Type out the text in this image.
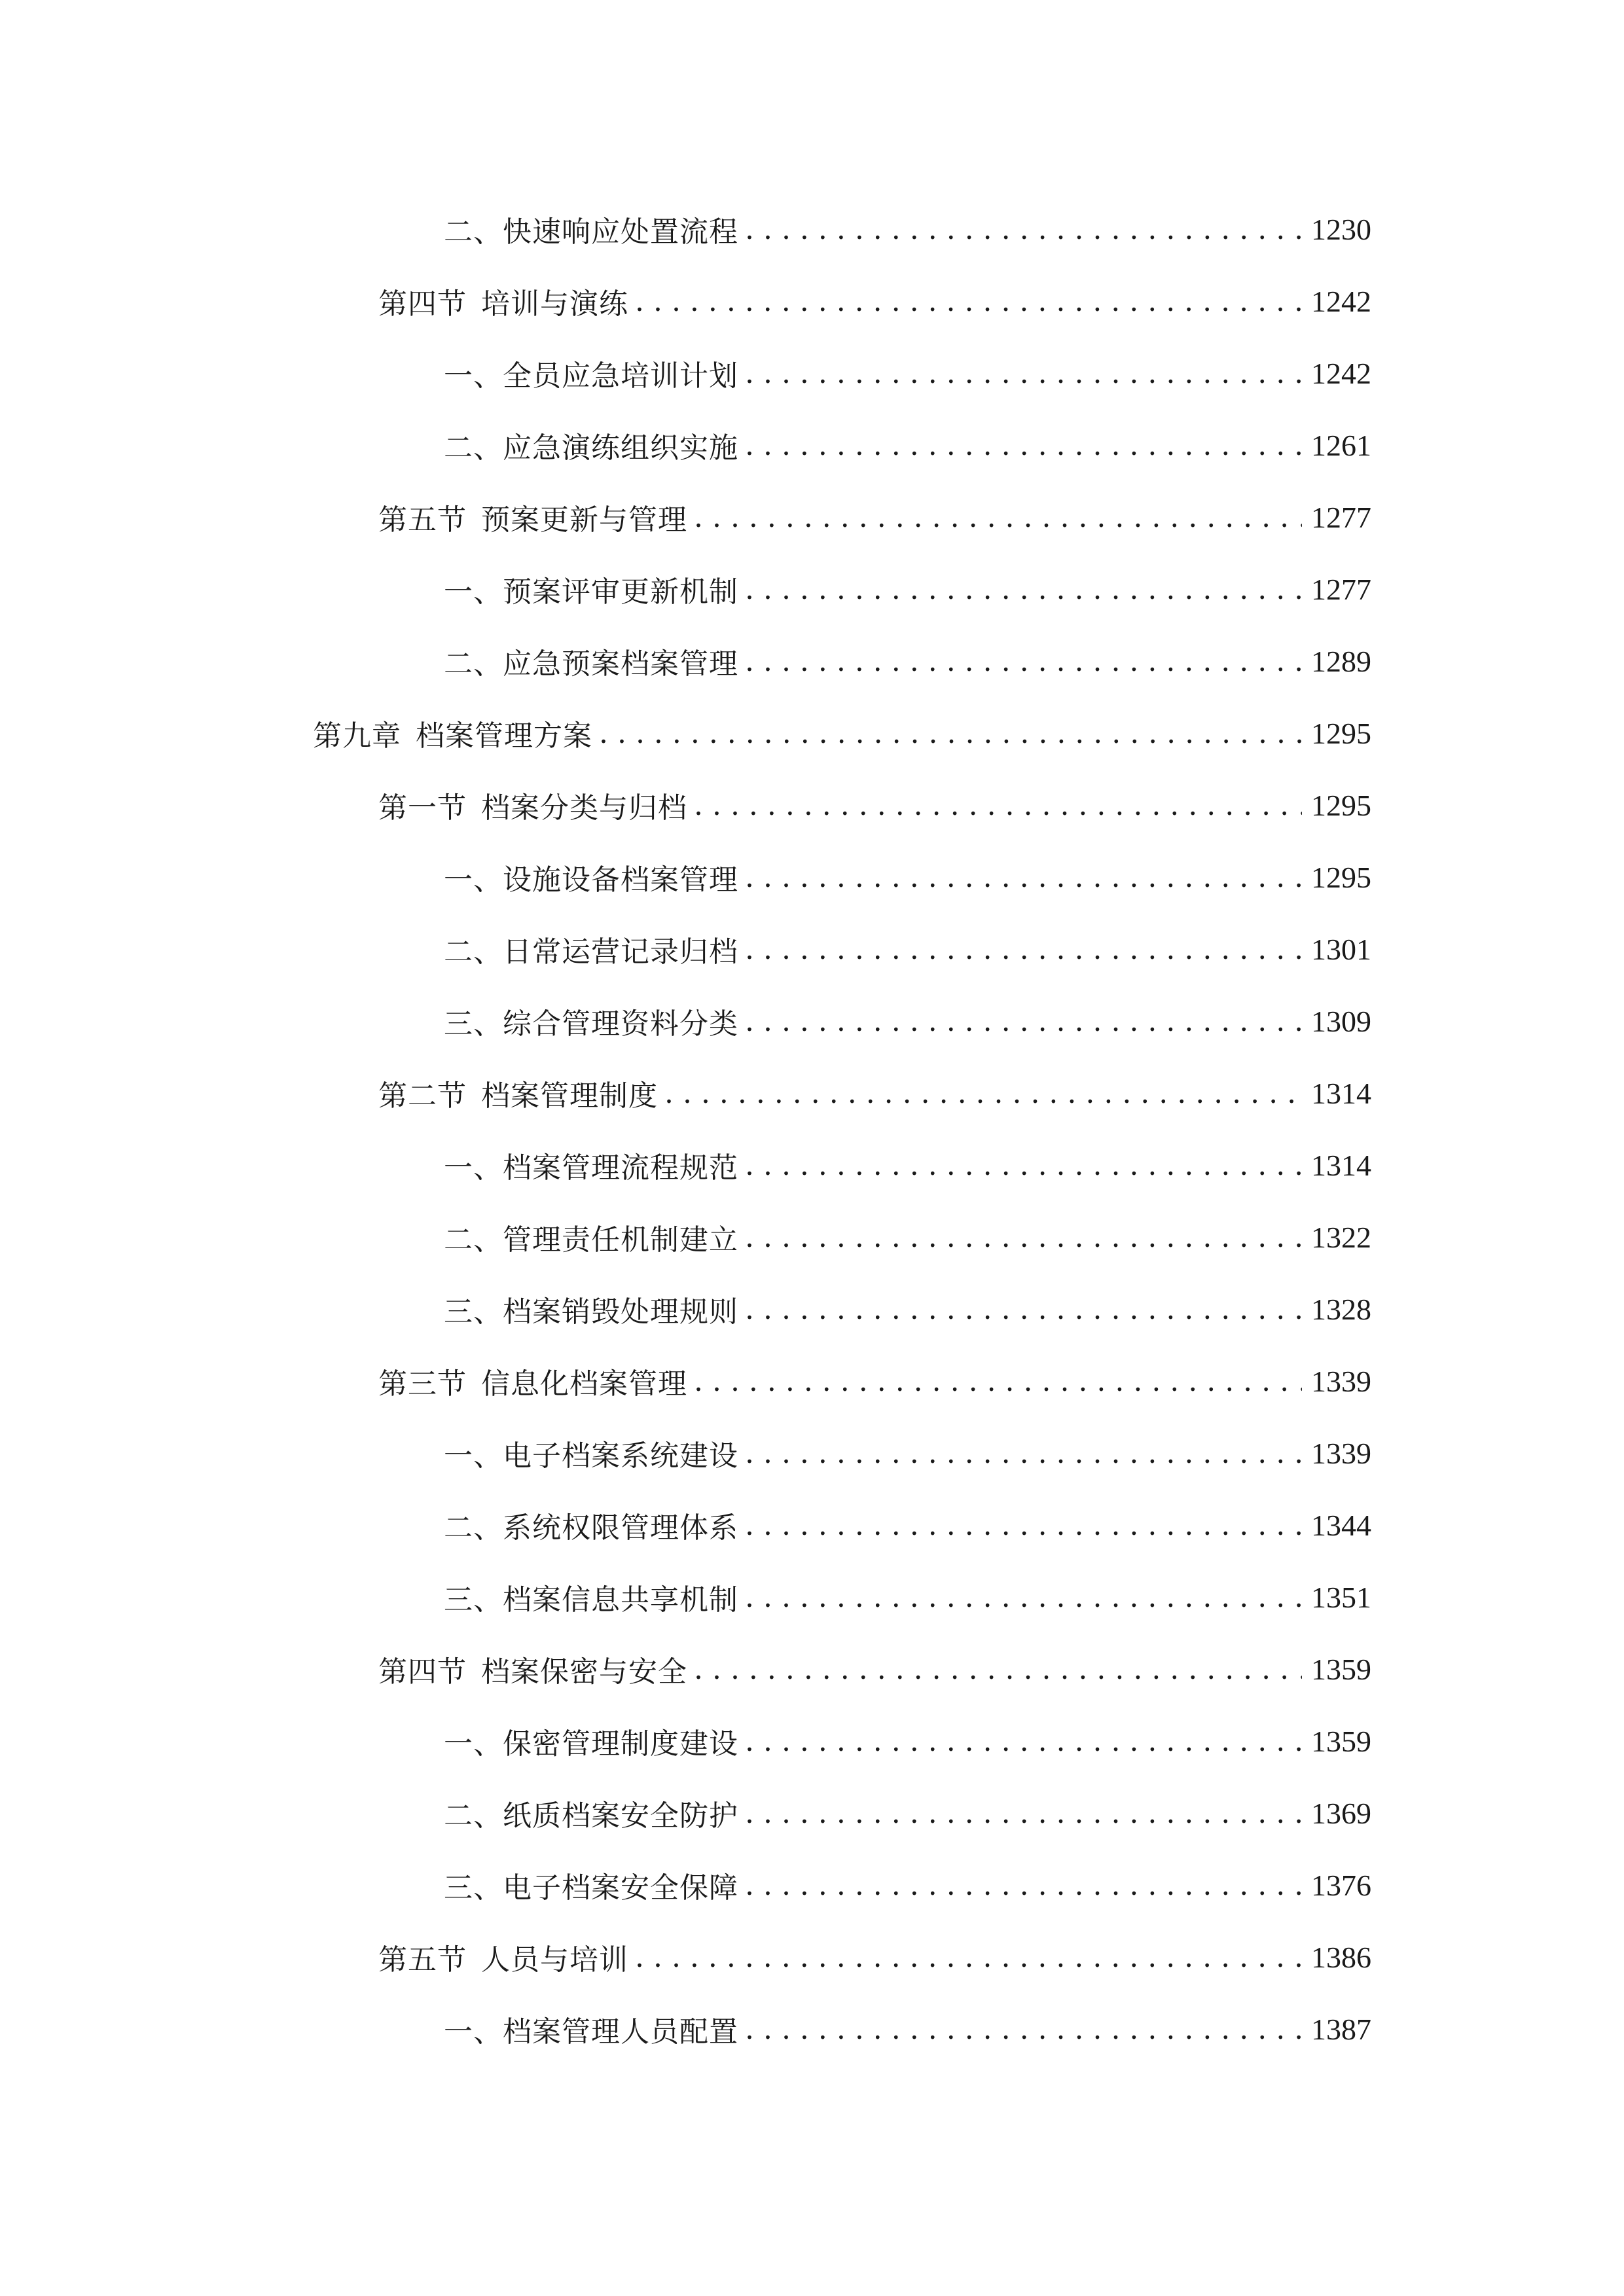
二、 快速响应处置流程 . . .	1230
第四节 培训与演练 . . .	1242
一、 全员应急培训计划 . . .	1242
二、 应急演练组织实施 . . .	1261
第五节 预案更新与管理 . . .	1277
一、 预案评审更新机制 . . .	1277
二、 应急预案档案管理 . . .	1289
第九章 档案管理方案 . . .	1295
第一节 档案分类与归档 . . .	1295
一、 设施设备档案管理 . . .	1295
二、 日常运营记录归档 . . .	1301
三、 综合管理资料分类 . . .	1309
第二节 档案管理制度 . . .	1314
一、 档案管理流程规范 . . .	1314
二、 管理责任机制建立 . . .	1322
三、 档案销毁处理规则 . . .	1328
第三节 信息化档案管理 . . .	1339
一、 电子档案系统建设 . . .	1339
二、 系统权限管理体系 . . .	1344
三、 档案信息共享机制 . . .	1351
第四节 档案保密与安全 . . .	1359
一、 保密管理制度建设 . . .	1359
二、 纸质档案安全防护 . . .	1369
三、 电子档案安全保障 . . .	1376
第五节 人员与培训 . . .	1386
一、 档案管理人员配置 . . .	1387
